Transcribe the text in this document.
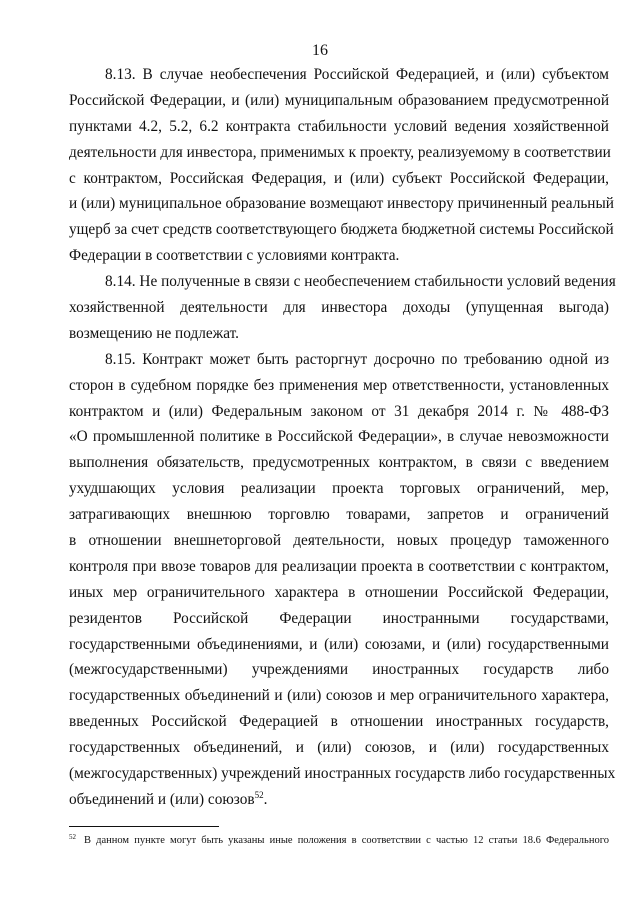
16
8.13. В случае необеспечения Российской Федерацией, и (или) субъектом
Российской Федерации, и (или) муниципальным образованием предусмотренной
пунктами 4.2, 5.2, 6.2 контракта стабильности условий ведения хозяйственной
деятельности для инвестора, применимых к проекту, реализуемому в соответствии
с контрактом, Российская Федерация, и (или) субъект Российской Федерации,
и (или) муниципальное образование возмещают инвестору причиненный реальный
ущерб за счет средств соответствующего бюджета бюджетной системы Российской
Федерации в соответствии с условиями контракта.
8.14. Не полученные в связи с необеспечением стабильности условий ведения
хозяйственной деятельности для инвестора доходы (упущенная выгода)
возмещению не подлежат.
8.15. Контракт может быть расторгнут досрочно по требованию одной из
сторон в судебном порядке без применения мер ответственности, установленных
контрактом и (или) Федеральным законом от 31 декабря 2014 г. № 488-ФЗ
«О промышленной политике в Российской Федерации», в случае невозможности
выполнения обязательств, предусмотренных контрактом, в связи с введением
ухудшающих условия реализации проекта торговых ограничений, мер,
затрагивающих внешнюю торговлю товарами, запретов и ограничений
в отношении внешнеторговой деятельности, новых процедур таможенного
контроля при ввозе товаров для реализации проекта в соответствии с контрактом,
иных мер ограничительного характера в отношении Российской Федерации,
резидентов Российской Федерации иностранными государствами,
государственными объединениями, и (или) союзами, и (или) государственными
(межгосударственными) учреждениями иностранных государств либо
государственных объединений и (или) союзов и мер ограничительного характера,
введенных Российской Федерацией в отношении иностранных государств,
государственных объединений, и (или) союзов, и (или) государственных
(межгосударственных) учреждений иностранных государств либо государственных
объединений и (или) союзов$^{52}$.
$^{52}$ В данном пункте могут быть указаны иные положения в соответствии с частью 12 статьи 18.6 Федерального
